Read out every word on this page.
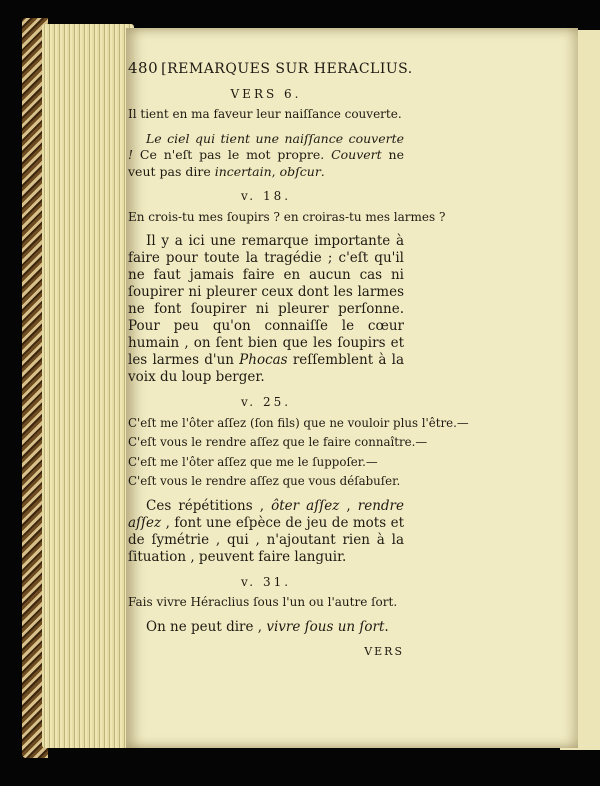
480 [REMARQUES SUR HERACLIUS.
VERS 6.
Il tient en ma faveur leur naiſſance couverte.

Le ciel qui tient une naiſſance couverte ! Ce n'eſt pas le mot propre. Couvert ne veut pas dire incertain, obſcur.

v. 18.
En crois-tu mes ſoupirs ? en croiras-tu mes larmes ?

Il y a ici une remarque importante à faire pour toute la tragédie ; c'eſt qu'il ne faut jamais faire en aucun cas ni ſoupirer ni pleurer ceux dont les larmes ne font ſoupirer ni pleurer perſonne. Pour peu qu'on connaiſſe le cœur humain , on ſent bien que les ſoupirs et les larmes d'un Phocas reſſemblent à la voix du loup berger.

v. 25.
C'eſt me l'ôter aſſez (ſon fils) que ne vouloir plus l'être.—
C'eſt vous le rendre aſſez que le faire connaître.—
C'eſt me l'ôter aſſez que me le ſuppoſer.—
C'eſt vous le rendre aſſez que vous déſabuſer.

Ces répétitions , ôter aſſez , rendre aſſez , font une eſpèce de jeu de mots et de ſymétrie , qui , n'ajoutant rien à la ſituation , peuvent faire languir.

v. 31.
Fais vivre Héraclius ſous l'un ou l'autre ſort.

On ne peut dire , vivre ſous un ſort.

VERS
